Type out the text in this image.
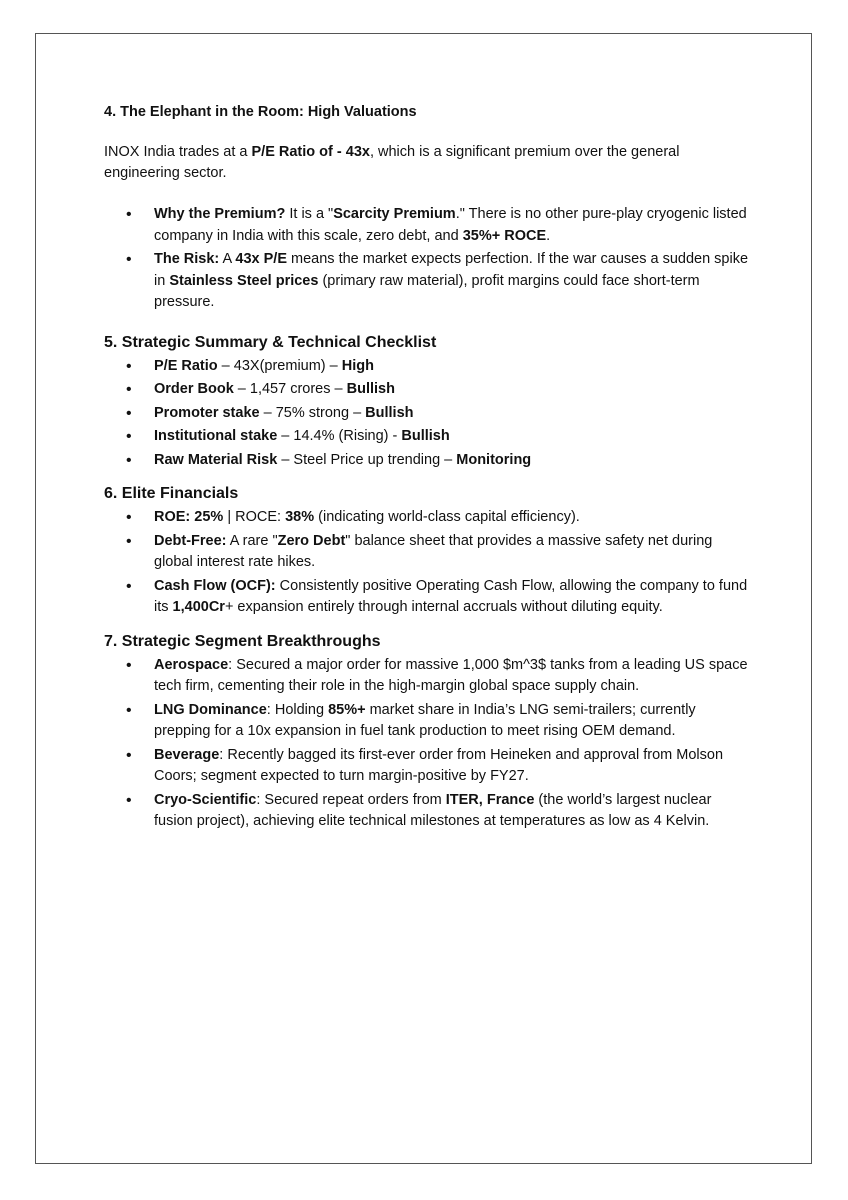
4. The Elephant in the Room: High Valuations

INOX India trades at a P/E Ratio of - 43x, which is a significant premium over the general engineering sector.

• Why the Premium? It is a "Scarcity Premium." There is no other pure-play cryogenic listed company in India with this scale, zero debt, and 35%+ ROCE.
• The Risk: A 43x P/E means the market expects perfection. If the war causes a sudden spike in Stainless Steel prices (primary raw material), profit margins could face short-term pressure.
5. Strategic Summary & Technical Checklist
• P/E Ratio – 43X(premium) – High
• Order Book – 1,457 crores – Bullish
• Promoter stake – 75% strong – Bullish
• Institutional stake – 14.4% (Rising) - Bullish
• Raw Material Risk – Steel Price up trending – Monitoring
6. Elite Financials
• ROE: 25% | ROCE: 38% (indicating world-class capital efficiency).
• Debt-Free: A rare "Zero Debt" balance sheet that provides a massive safety net during global interest rate hikes.
• Cash Flow (OCF): Consistently positive Operating Cash Flow, allowing the company to fund its 1,400Cr+ expansion entirely through internal accruals without diluting equity.
7. Strategic Segment Breakthroughs
• Aerospace: Secured a major order for massive 1,000 $m^3$ tanks from a leading US space tech firm, cementing their role in the high-margin global space supply chain.
• LNG Dominance: Holding 85%+ market share in India’s LNG semi-trailers; currently prepping for a 10x expansion in fuel tank production to meet rising OEM demand.
• Beverage: Recently bagged its first-ever order from Heineken and approval from Molson Coors; segment expected to turn margin-positive by FY27.
• Cryo-Scientific: Secured repeat orders from ITER, France (the world’s largest nuclear fusion project), achieving elite technical milestones at temperatures as low as 4 Kelvin.
